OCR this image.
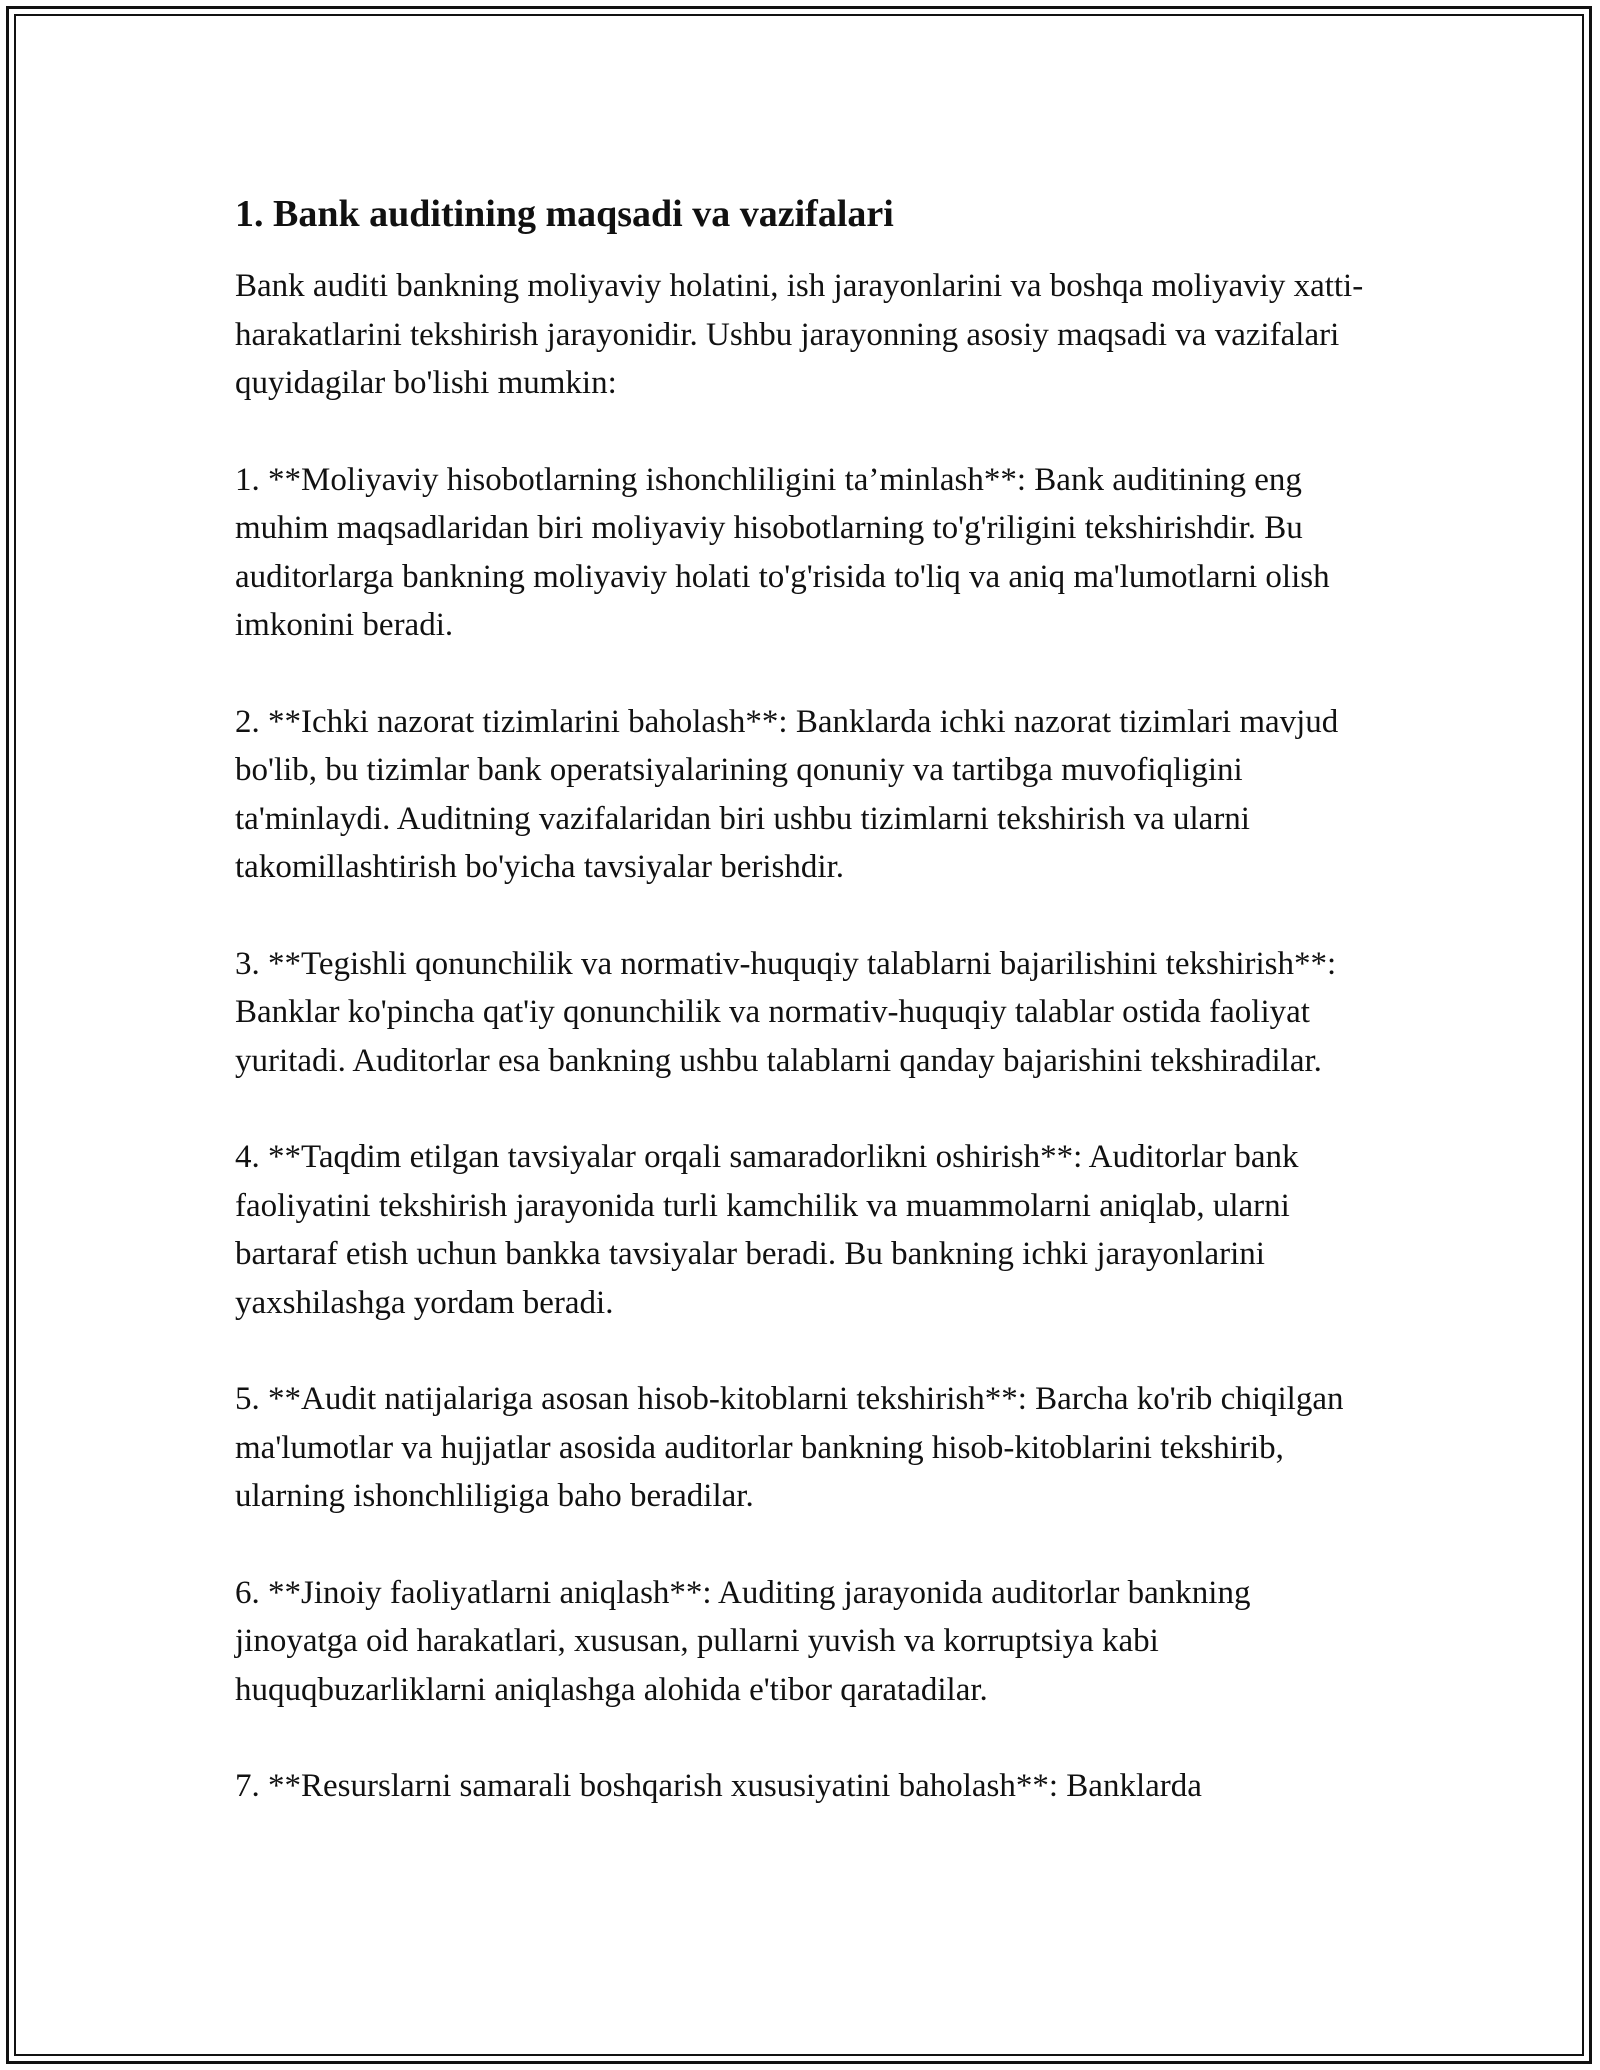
1. Bank auditining maqsadi va vazifalari

Bank auditi bankning moliyaviy holatini, ish jarayonlarini va boshqa moliyaviy xatti-harakatlarini tekshirish jarayonidir. Ushbu jarayonning asosiy maqsadi va vazifalari quyidagilar bo'lishi mumkin:

1. **Moliyaviy hisobotlarning ishonchliligini ta’minlash**: Bank auditining eng muhim maqsadlaridan biri moliyaviy hisobotlarning to'g'riligini tekshirishdir. Bu auditorlarga bankning moliyaviy holati to'g'risida to'liq va aniq ma'lumotlarni olish imkonini beradi.

2. **Ichki nazorat tizimlarini baholash**: Banklarda ichki nazorat tizimlari mavjud bo'lib, bu tizimlar bank operatsiyalarining qonuniy va tartibga muvofiqligini ta'minlaydi. Auditning vazifalaridan biri ushbu tizimlarni tekshirish va ularni takomillashtirish bo'yicha tavsiyalar berishdir.

3. **Tegishli qonunchilik va normativ-huquqiy talablarni bajarilishini tekshirish**: Banklar ko'pincha qat'iy qonunchilik va normativ-huquqiy talablar ostida faoliyat yuritadi. Auditorlar esa bankning ushbu talablarni qanday bajarishini tekshiradilar.

4. **Taqdim etilgan tavsiyalar orqali samaradorlikni oshirish**: Auditorlar bank faoliyatini tekshirish jarayonida turli kamchilik va muammolarni aniqlab, ularni bartaraf etish uchun bankka tavsiyalar beradi. Bu bankning ichki jarayonlarini yaxshilashga yordam beradi.

5. **Audit natijalariga asosan hisob-kitoblarni tekshirish**: Barcha ko'rib chiqilgan ma'lumotlar va hujjatlar asosida auditorlar bankning hisob-kitoblarini tekshirib, ularning ishonchliligiga baho beradilar.

6. **Jinoiy faoliyatlarni aniqlash**: Auditing jarayonida auditorlar bankning jinoyatga oid harakatlari, xususan, pullarni yuvish va korruptsiya kabi huquqbuzarliklarni aniqlashga alohida e'tibor qaratadilar.

7. **Resurslarni samarali boshqarish xususiyatini baholash**: Banklarda
